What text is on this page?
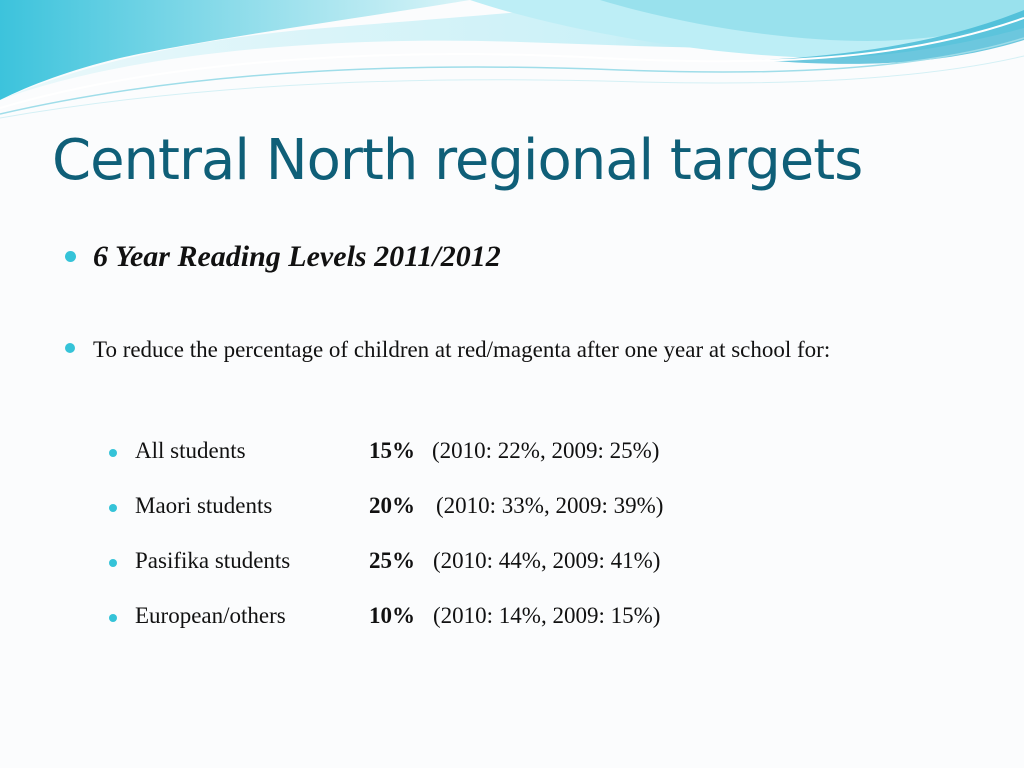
Central North regional targets
6 Year Reading Levels 2011/2012
To reduce the percentage of children at red/magenta after one year at school for:
All students	15% (2010: 22%, 2009: 25%)
Maori students	20% (2010: 33%, 2009: 39%)
Pasifika students	25% (2010: 44%, 2009: 41%)
European/others	10% (2010: 14%, 2009: 15%)
